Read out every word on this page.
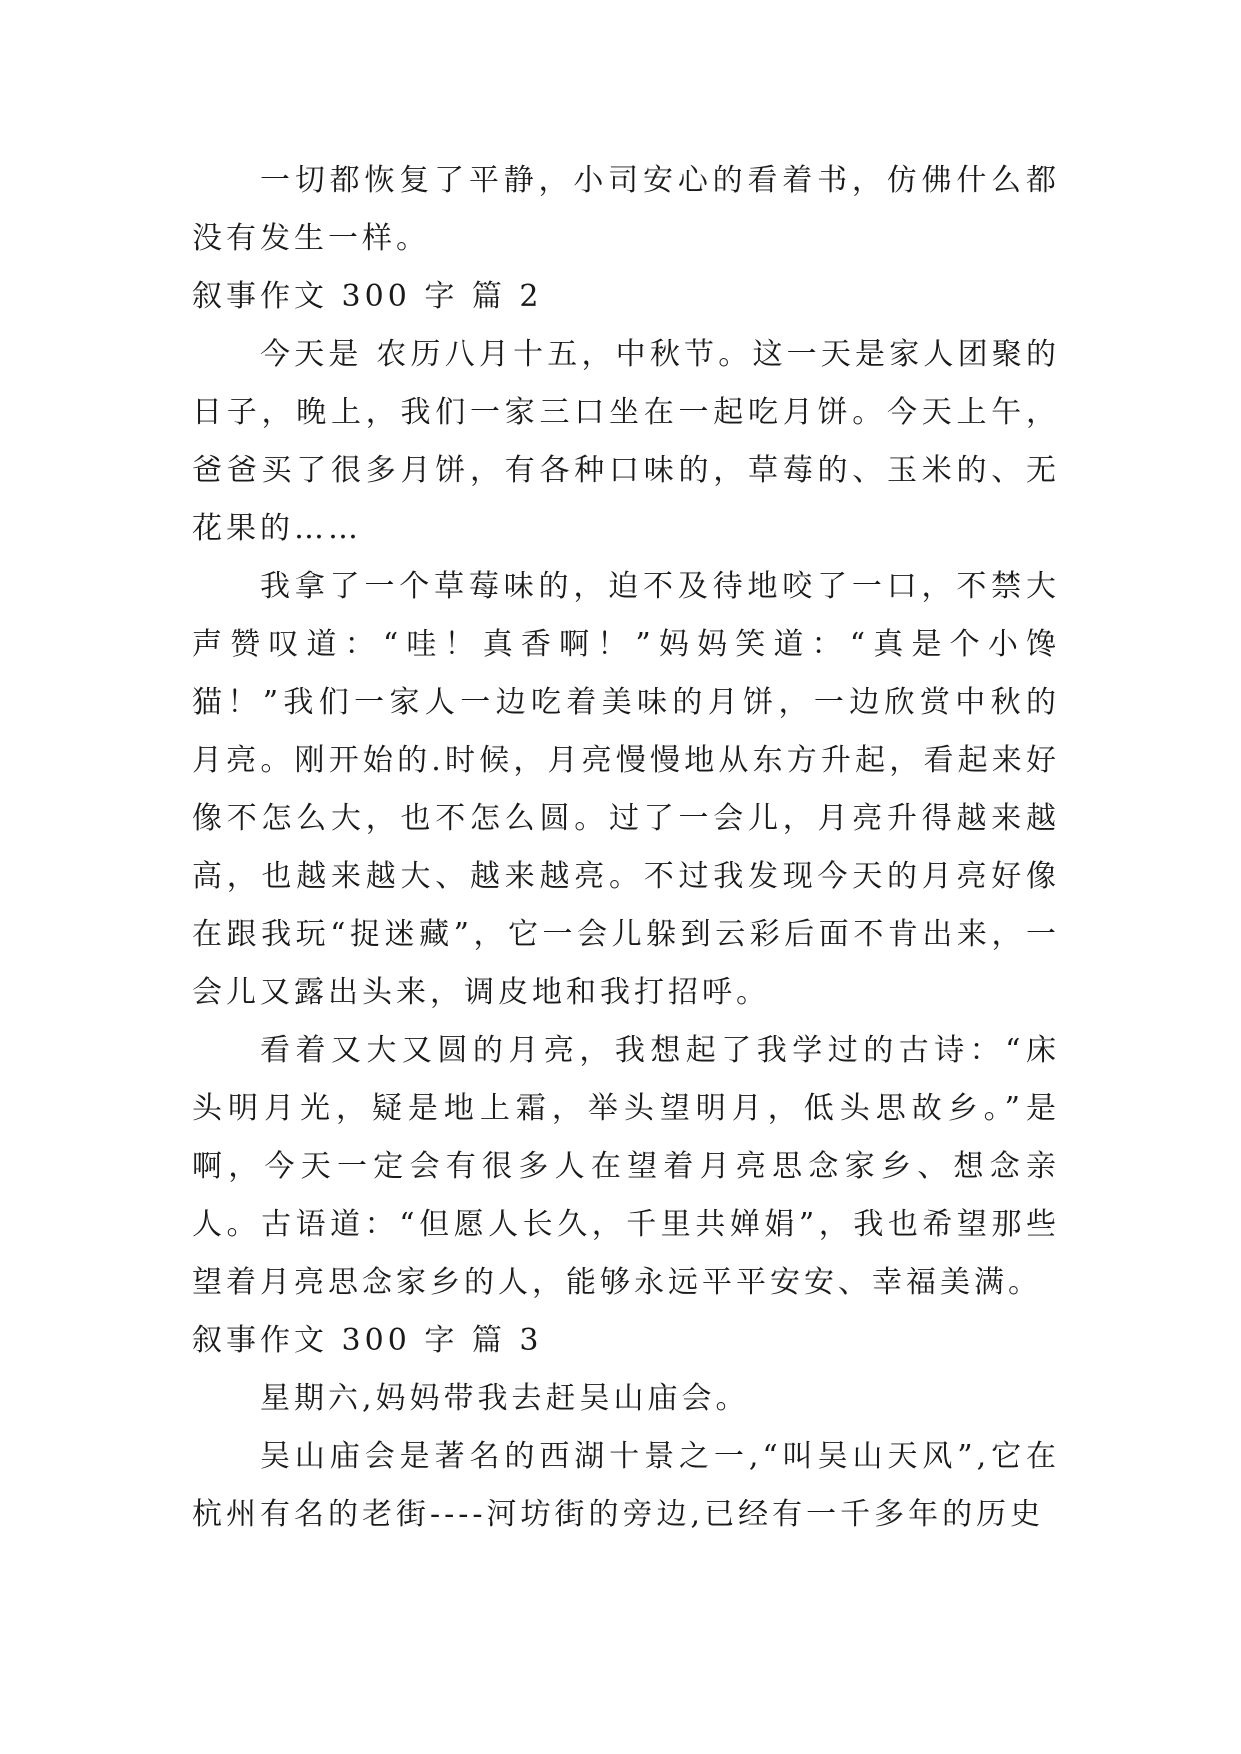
一切都恢复了平静，小司安心的看着书，仿佛什么都没有发生一样。

叙事作文 300 字 篇 2

今天是 农历八月十五，中秋节。这一天是家人团聚的日子，晚上，我们一家三口坐在一起吃月饼。今天上午，爸爸买了很多月饼，有各种口味的，草莓的、玉米的、无花果的……

我拿了一个草莓味的，迫不及待地咬了一口，不禁大声赞叹道：“哇！真香啊！”妈妈笑道：“真是个小馋猫！”我们一家人一边吃着美味的月饼，一边欣赏中秋的月亮。刚开始的.时候，月亮慢慢地从东方升起，看起来好像不怎么大，也不怎么圆。过了一会儿，月亮升得越来越高，也越来越大、越来越亮。不过我发现今天的月亮好像在跟我玩“捉迷藏”，它一会儿躲到云彩后面不肯出来，一会儿又露出头来，调皮地和我打招呼。

看着又大又圆的月亮，我想起了我学过的古诗：“床头明月光，疑是地上霜，举头望明月，低头思故乡。”是啊，今天一定会有很多人在望着月亮思念家乡、想念亲人。古语道：“但愿人长久，千里共婵娟”，我也希望那些望着月亮思念家乡的人，能够永远平平安安、幸福美满。

叙事作文 300 字 篇 3

星期六,妈妈带我去赶吴山庙会。

吴山庙会是著名的西湖十景之一,“叫吴山天风”,它在杭州有名的老街----河坊街的旁边,已经有一千多年的历史
